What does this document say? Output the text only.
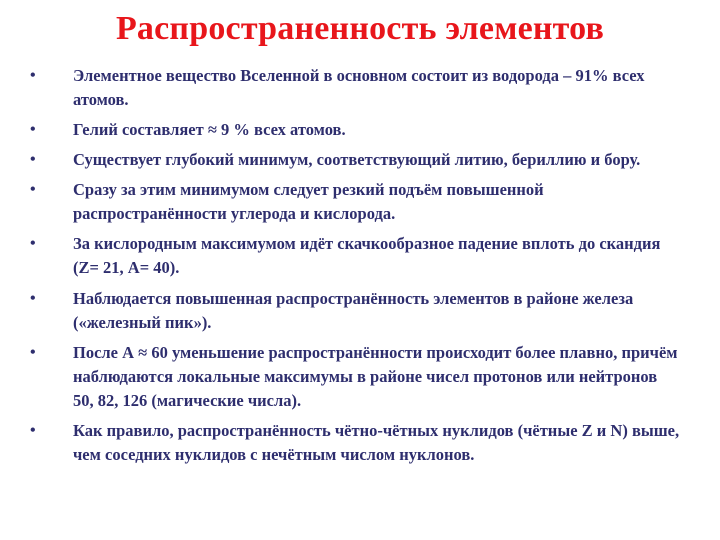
Распространенность элементов
• Элементное вещество Вселенной в основном состоит из водорода – 91% всех атомов.
• Гелий составляет ≈ 9 % всех атомов.
• Существует глубокий минимум, соответствующий литию, бериллию и бору.
• Сразу за этим минимумом следует резкий подъём повышенной распространённости углерода и кислорода.
• За кислородным максимумом идёт скачкообразное падение вплоть до скандия (Z= 21, А= 40).
• Наблюдается повышенная распространённость элементов в районе железа («железный пик»).
• После А ≈ 60 уменьшение распространённости происходит более плавно, причём наблюдаются локальные максимумы в районе чисел протонов или нейтронов 50, 82, 126 (магические числа).
• Как правило, распространённость чётно-чётных нуклидов (чётные Z и N) выше, чем соседних нуклидов с нечётным числом нуклонов.
